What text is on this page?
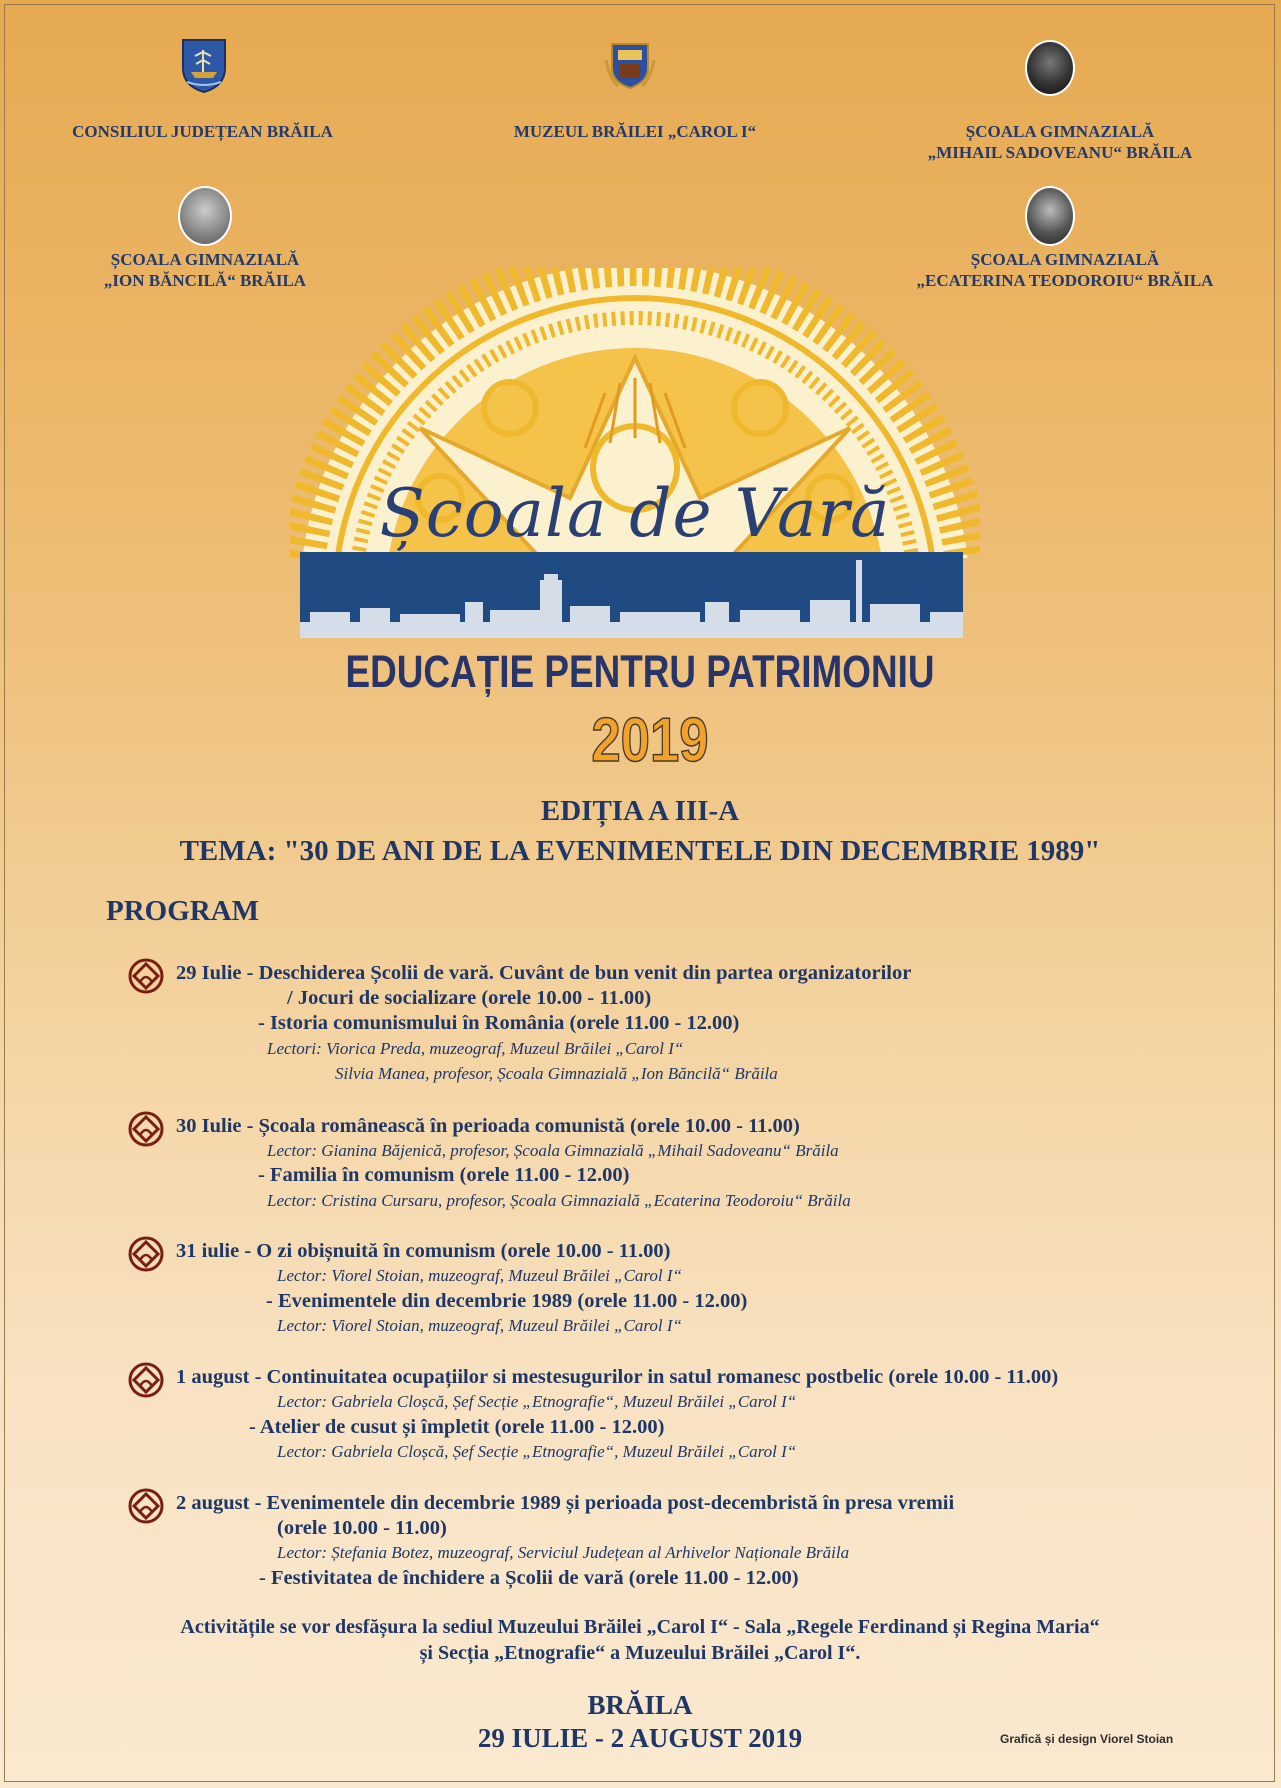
CONSILIUL JUDEȚEAN BRĂILA	MUZEUL BRĂILEI „CAROL I“	ȘCOALA GIMNAZIALĂ
„MIHAIL SADOVEANU“ BRĂILA
ȘCOALA GIMNAZIALĂ
„ION BĂNCILĂ“ BRĂILA
ȘCOALA GIMNAZIALĂ
„ECATERINA TEODOROIU“ BRĂILA
Școala de Vară
EDUCAȚIE PENTRU PATRIMONIU
2019
EDIȚIA A III-A
TEMA: "30 DE ANI DE LA EVENIMENTELE DIN DECEMBRIE 1989"
PROGRAM
29 Iulie - Deschiderea Școlii de vară. Cuvânt de bun venit din partea organizatorilor
/ Jocuri de socializare (orele 10.00 - 11.00)
- Istoria comunismului în România (orele 11.00 - 12.00)
Lectori: Viorica Preda, muzeograf, Muzeul Brăilei „Carol I“
Silvia Manea, profesor, Școala Gimnazială „Ion Băncilă“ Brăila
30 Iulie - Școala românească în perioada comunistă (orele 10.00 - 11.00)
Lector: Gianina Băjenică, profesor, Școala Gimnazială „Mihail Sadoveanu“ Brăila
- Familia în comunism (orele 11.00 - 12.00)
Lector: Cristina Cursaru, profesor, Școala Gimnazială „Ecaterina Teodoroiu“ Brăila
31 iulie - O zi obișnuită în comunism (orele 10.00 - 11.00)
Lector: Viorel Stoian, muzeograf, Muzeul Brăilei „Carol I“
- Evenimentele din decembrie 1989 (orele 11.00 - 12.00)
Lector: Viorel Stoian, muzeograf, Muzeul Brăilei „Carol I“
1 august - Continuitatea ocupațiilor si mestesugurilor in satul romanesc postbelic (orele 10.00 - 11.00)
Lector: Gabriela Cloșcă, Șef Secție „Etnografie“, Muzeul Brăilei „Carol I“
- Atelier de cusut și împletit (orele 11.00 - 12.00)
Lector: Gabriela Cloșcă, Șef Secție „Etnografie“, Muzeul Brăilei „Carol I“
2 august - Evenimentele din decembrie 1989 și perioada post-decembristă în presa vremii
(orele 10.00 - 11.00)
Lector: Ștefania Botez, muzeograf, Serviciul Județean al Arhivelor Naționale Brăila
- Festivitatea de închidere a Școlii de vară (orele 11.00 - 12.00)
Activitățile se vor desfășura la sediul Muzeului Brăilei „Carol I“ - Sala „Regele Ferdinand și Regina Maria“
și Secția „Etnografie“ a Muzeului Brăilei „Carol I“.
BRĂILA
29 IULIE - 2 AUGUST 2019	Grafică și design Viorel Stoian
